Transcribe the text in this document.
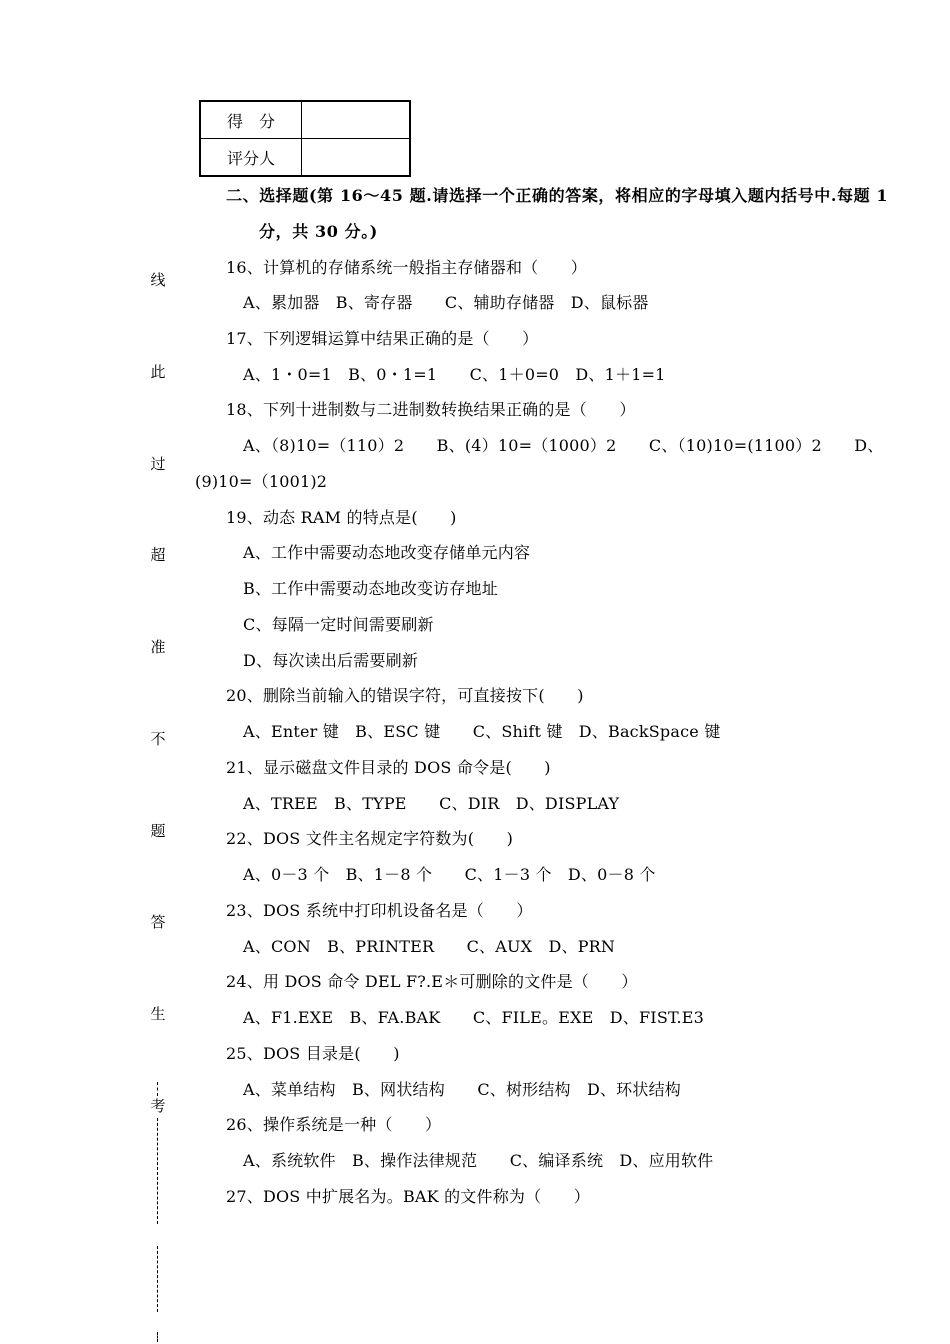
得　分	
评分人	
线
此
过
超
准
不
题
答
生
考
二、选择题(第 16～45 题.请选择一个正确的答案，将相应的字母填入题内括号中.每题 1
分，共 30 分。)
16、计算机的存储系统一般指主存储器和（　　）
A、累加器　B、寄存器　　C、辅助存储器　D、鼠标器
17、下列逻辑运算中结果正确的是（　　）
A、1・0=1　B、0・1=1　　C、1＋0=0　D、1＋1=1
18、下列十进制数与二进制数转换结果正确的是（　　）
A、（8)10=（110）2　　B、(4）10=（1000）2　　C、（10)10=(1100）2　　D、
(9)10=（1001)2
19、动态 RAM 的特点是(　　)
A、工作中需要动态地改变存储单元内容
B、工作中需要动态地改变访存地址
C、每隔一定时间需要刷新
D、每次读出后需要刷新
20、删除当前输入的错误字符，可直接按下(　　)
A、Enter 键　B、ESC 键　　C、Shift 键　D、BackSpace 键
21、显示磁盘文件目录的 DOS 命令是(　　)
A、TREE　B、TYPE　　C、DIR　D、DISPLAY
22、DOS 文件主名规定字符数为(　　)
A、0－3 个　B、1－8 个　　C、1－3 个　D、0－8 个
23、DOS 系统中打印机设备名是（　　）
A、CON　B、PRINTER　　C、AUX　D、PRN
24、用 DOS 命令 DEL F?.E＊可删除的文件是（　　）
A、F1.EXE　B、FA.BAK　　C、FILE。EXE　D、FIST.E3
25、DOS 目录是(　　)
A、菜单结构　B、网状结构　　C、树形结构　D、环状结构
26、操作系统是一种（　　）
A、系统软件　B、操作法律规范　　C、编译系统　D、应用软件
27、DOS 中扩展名为。BAK 的文件称为（　　）
